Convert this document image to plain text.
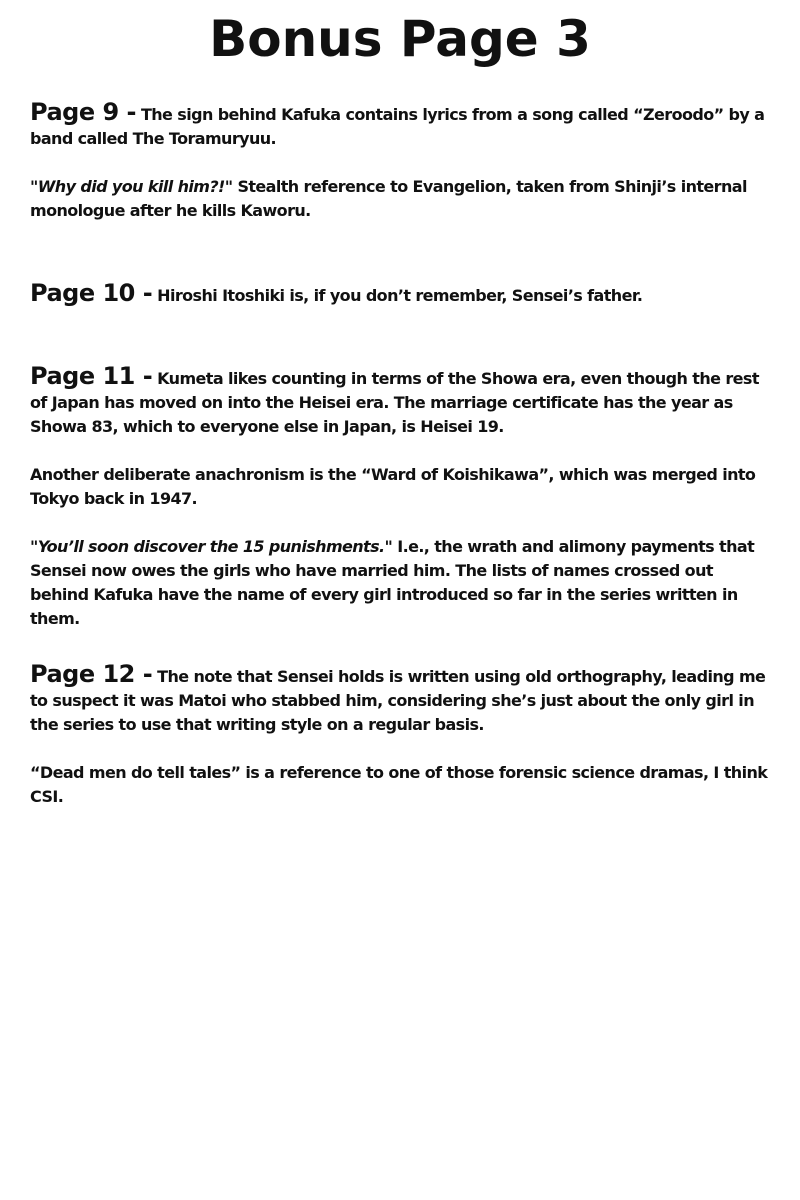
Bonus Page 3

Page 9 - The sign behind Kafuka contains lyrics from a song called “Zeroodo” by a band called The Toramuryuu.

"Why did you kill him?!" Stealth reference to Evangelion, taken from Shinji’s internal monologue after he kills Kaworu.

Page 10 - Hiroshi Itoshiki is, if you don’t remember, Sensei’s father.

Page 11 - Kumeta likes counting in terms of the Showa era, even though the rest of Japan has moved on into the Heisei era. The marriage certificate has the year as Showa 83, which to everyone else in Japan, is Heisei 19.

Another deliberate anachronism is the “Ward of Koishikawa”, which was merged into Tokyo back in 1947.

"You’ll soon discover the 15 punishments." I.e., the wrath and alimony payments that Sensei now owes the girls who have married him. The lists of names crossed out behind Kafuka have the name of every girl introduced so far in the series written in them.

Page 12 - The note that Sensei holds is written using old orthography, leading me to suspect it was Matoi who stabbed him, considering she’s just about the only girl in the series to use that writing style on a regular basis.

“Dead men do tell tales” is a reference to one of those forensic science dramas, I think CSI.
